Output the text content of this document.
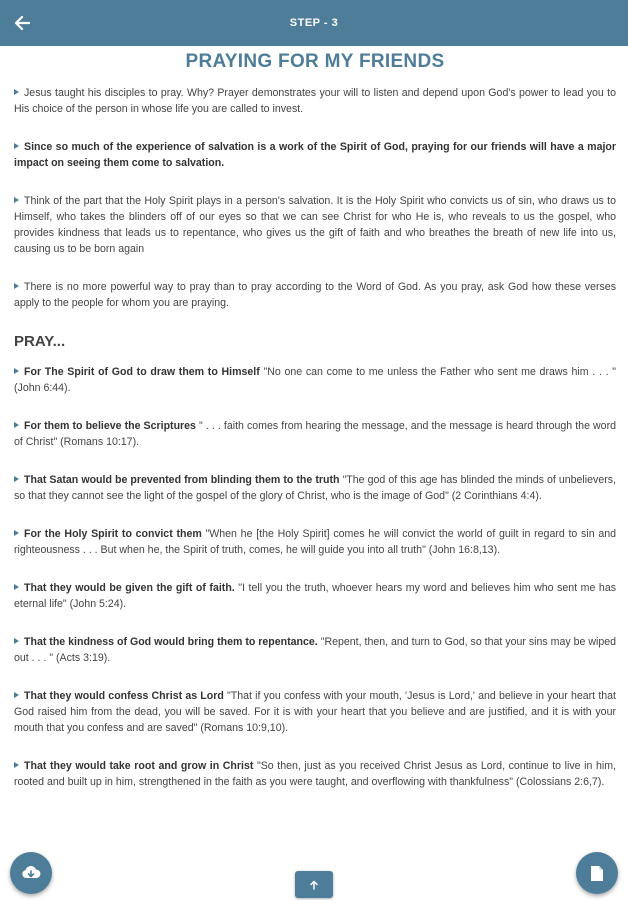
STEP - 3
PRAYING FOR MY FRIENDS
Jesus taught his disciples to pray. Why? Prayer demonstrates your will to listen and depend upon God's power to lead you to His choice of the person in whose life you are called to invest.
Since so much of the experience of salvation is a work of the Spirit of God, praying for our friends will have a major impact on seeing them come to salvation.
Think of the part that the Holy Spirit plays in a person's salvation. It is the Holy Spirit who convicts us of sin, who draws us to Himself, who takes the blinders off of our eyes so that we can see Christ for who He is, who reveals to us the gospel, who provides kindness that leads us to repentance, who gives us the gift of faith and who breathes the breath of new life into us, causing us to be born again
There is no more powerful way to pray than to pray according to the Word of God. As you pray, ask God how these verses apply to the people for whom you are praying.
PRAY...
For The Spirit of God to draw them to Himself "No one can come to me unless the Father who sent me draws him . . . " (John 6:44).
For them to believe the Scriptures " . . . faith comes from hearing the message, and the message is heard through the word of Christ" (Romans 10:17).
That Satan would be prevented from blinding them to the truth "The god of this age has blinded the minds of unbelievers, so that they cannot see the light of the gospel of the glory of Christ, who is the image of God" (2 Corinthians 4:4).
For the Holy Spirit to convict them "When he [the Holy Spirit] comes he will convict the world of guilt in regard to sin and righteousness . . . But when he, the Spirit of truth, comes, he will guide you into all truth" (John 16:8,13).
That they would be given the gift of faith. "I tell you the truth, whoever hears my word and believes him who sent me has eternal life" (John 5:24).
That the kindness of God would bring them to repentance. "Repent, then, and turn to God, so that your sins may be wiped out . . . " (Acts 3:19).
That they would confess Christ as Lord "That if you confess with your mouth, 'Jesus is Lord,' and believe in your heart that God raised him from the dead, you will be saved. For it is with your heart that you believe and are justified, and it is with your mouth that you confess and are saved" (Romans 10:9,10).
That they would take root and grow in Christ "So then, just as you received Christ Jesus as Lord, continue to live in him, rooted and built up in him, strengthened in the faith as you were taught, and overflowing with thankfulness" (Colossians 2:6,7).
